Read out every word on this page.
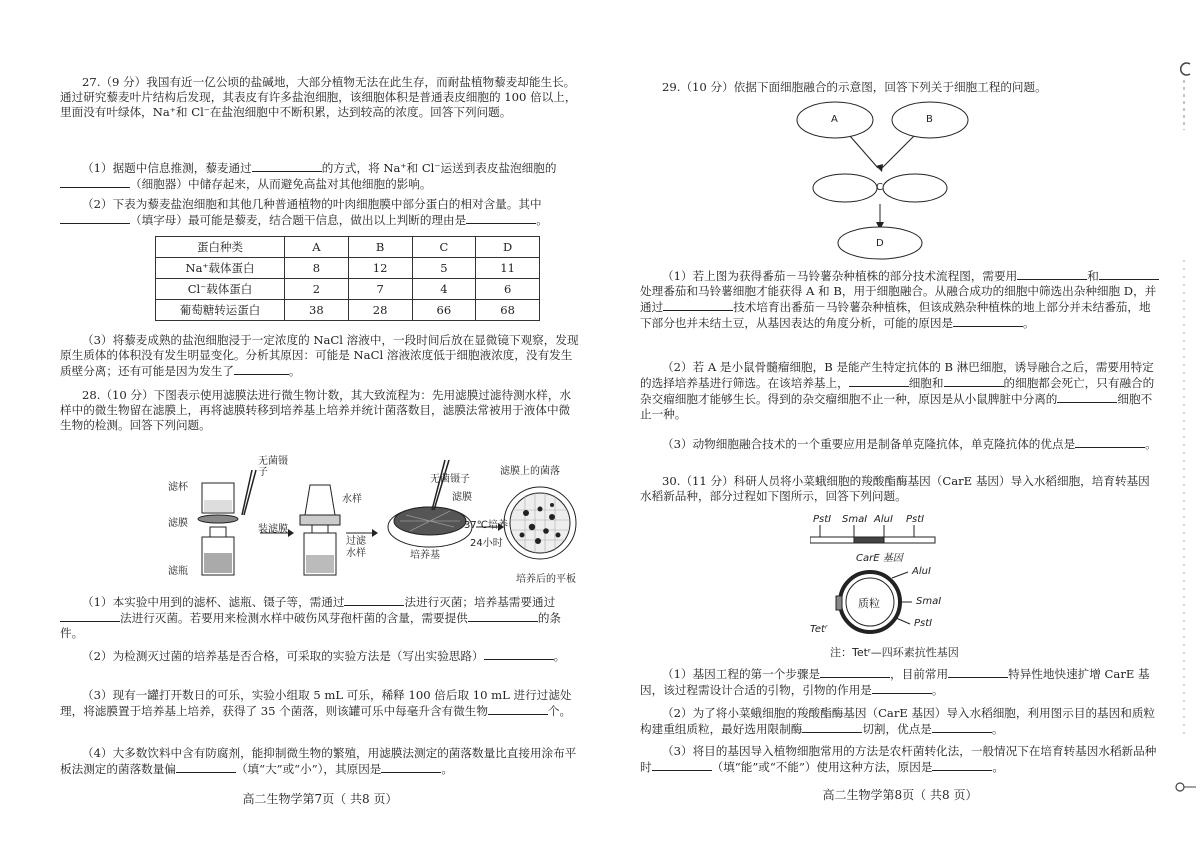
27.（9 分）我国有近一亿公顷的盐碱地，大部分植物无法在此生存，而耐盐植物藜麦却能生长。通过研究藜麦叶片结构后发现，其表皮有许多盐泡细胞，该细胞体积是普通表皮细胞的 100 倍以上，里面没有叶绿体，Na⁺和 Cl⁻在盐泡细胞中不断积累，达到较高的浓度。回答下列问题。

（1）据题中信息推测，藜麦通过	的方式，将 Na⁺和 Cl⁻运送到表皮盐泡细胞的（细胞器）中储存起来，从而避免高盐对其他细胞的影响。

（2）下表为藜麦盐泡细胞和其他几种普通植物的叶肉细胞膜中部分蛋白的相对含量。其中（填字母）最可能是藜麦，结合题干信息，做出以上判断的理由是	。

蛋白种类	A	B	C	D
Na⁺载体蛋白	8	12	5	11
Cl⁻载体蛋白	2	7	4	6
葡萄糖转运蛋白	38	28	66	68

（3）将藜麦成熟的盐泡细胞浸于一定浓度的 NaCl 溶液中，一段时间后放在显微镜下观察，发现原生质体的体积没有发生明显变化。分析其原因：可能是 NaCl 溶液浓度低于细胞液浓度，没有发生质壁分离；还有可能是因为发生了	。

28.（10 分）下图表示使用滤膜法进行微生物计数，其大致流程为：先用滤膜过滤待测水样，水样中的微生物留在滤膜上，再将滤膜转移到培养基上培养并统计菌落数目，滤膜法常被用于液体中微生物的检测。回答下列问题。

滤杯
滤膜
滤瓶
无菌镊子
装滤膜
水样
过滤
水样
无菌镊子
滤膜
培养基
37℃培养
24小时
滤膜上的菌落
培养后的平板

（1）本实验中用到的滤杯、滤瓶、镊子等，需通过	法进行灭菌；培养基需要通过法进行灭菌。若要用来检测水样中破伤风芽孢杆菌的含量，需要提供	的条件。

（2）为检测灭过菌的培养基是否合格，可采取的实验方法是（写出实验思路）	。

（3）现有一罐打开数日的可乐，实验小组取 5 mL 可乐，稀释 100 倍后取 10 mL 进行过滤处理，将滤膜置于培养基上培养，获得了 35 个菌落，则该罐可乐中每毫升含有微生物	个。

（4）大多数饮料中含有防腐剂，能抑制微生物的繁殖，用滤膜法测定的菌落数量比直接用涂布平板法测定的菌落数量偏	（填“大”或“小”），其原因是	。

高二生物学第7页（ 共8 页）

29.（10 分）依据下面细胞融合的示意图，回答下列关于细胞工程的问题。

A	B
C
D

（1）若上图为获得番茄－马铃薯杂种植株的部分技术流程图，需要用	和处理番茄和马铃薯细胞才能获得 A 和 B，用于细胞融合。从融合成功的细胞中筛选出杂种细胞 D，并通过	技术培育出番茄－马铃薯杂种植株，但该成熟杂种植株的地上部分并未结番茄，地下部分也并未结土豆，从基因表达的角度分析，可能的原因是	。

（2）若 A 是小鼠骨髓瘤细胞，B 是能产生特定抗体的 B 淋巴细胞，诱导融合之后，需要用特定的选择培养基进行筛选。在该培养基上，	细胞和	的细胞都会死亡，只有融合的杂交瘤细胞才能够生长。得到的杂交瘤细胞不止一种，原因是从小鼠脾脏中分离的	细胞不止一种。

（3）动物细胞融合技术的一个重要应用是制备单克隆抗体，单克隆抗体的优点是	。

30.（11 分）科研人员将小菜蛾细胞的羧酸酯酶基因（CarE 基因）导入水稻细胞，培育转基因水稻新品种，部分过程如下图所示，回答下列问题。

PstⅠ SmaⅠ AluⅠ PstⅠ
CarE 基因
质粒
AluⅠ
SmaⅠ
PstⅠ
Tetʳ
注：Tetʳ—四环素抗性基因

（1）基因工程的第一个步骤是	，目前常用	特异性地快速扩增 CarE 基因，该过程需设计合适的引物，引物的作用是	。

（2）为了将小菜蛾细胞的羧酸酯酶基因（CarE 基因）导入水稻细胞，利用图示目的基因和质粒构建重组质粒，最好选用限制酶	切割，优点是	。

（3）将目的基因导入植物细胞常用的方法是农杆菌转化法，一般情况下在培育转基因水稻新品种时	（填“能”或“不能”）使用这种方法，原因是	。

高二生物学第8页（ 共8 页）
